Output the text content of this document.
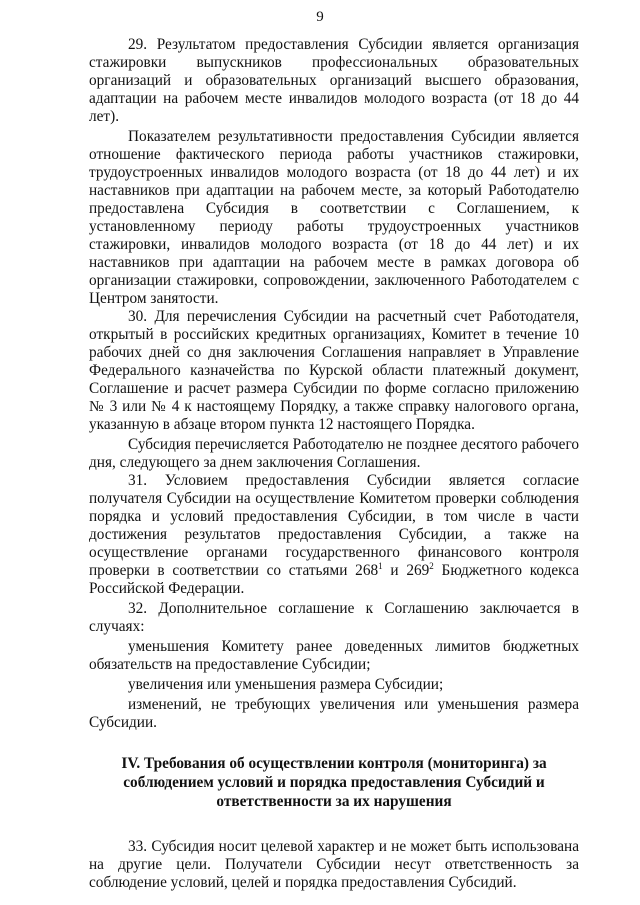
9

29. Результатом предоставления Субсидии является организация стажировки выпускников профессиональных образовательных организаций и образовательных организаций высшего образования, адаптации на рабочем месте инвалидов молодого возраста (от 18 до 44 лет).

Показателем результативности предоставления Субсидии является отношение фактического периода работы участников стажировки, трудоустроенных инвалидов молодого возраста (от 18 до 44 лет) и их наставников при адаптации на рабочем месте, за который Работодателю предоставлена Субсидия в соответствии с Соглашением, к установленному периоду работы трудоустроенных участников стажировки, инвалидов молодого возраста (от 18 до 44 лет) и их наставников при адаптации на рабочем месте в рамках договора об организации стажировки, сопровождении, заключенного Работодателем с Центром занятости.

30. Для перечисления Субсидии на расчетный счет Работодателя, открытый в российских кредитных организациях, Комитет в течение 10 рабочих дней со дня заключения Соглашения направляет в Управление Федерального казначейства по Курской области платежный документ, Соглашение и расчет размера Субсидии по форме согласно приложению № 3 или № 4 к настоящему Порядку, а также справку налогового органа, указанную в абзаце втором пункта 12 настоящего Порядка.

Субсидия перечисляется Работодателю не позднее десятого рабочего дня, следующего за днем заключения Соглашения.

31. Условием предоставления Субсидии является согласие получателя Субсидии на осуществление Комитетом проверки соблюдения порядка и условий предоставления Субсидии, в том числе в части достижения результатов предоставления Субсидии, а также на осуществление органами государственного финансового контроля проверки в соответствии со статьями $268^1$ и $269^2$ Бюджетного кодекса Российской Федерации.

32. Дополнительное соглашение к Соглашению заключается в случаях:

уменьшения Комитету ранее доведенных лимитов бюджетных обязательств на предоставление Субсидии;

увеличения или уменьшения размера Субсидии;

изменений, не требующих увеличения или уменьшения размера Субсидии.

IV. Требования об осуществлении контроля (мониторинга) за
соблюдением условий и порядка предоставления Субсидий и
ответственности за их нарушения

33. Субсидия носит целевой характер и не может быть использована на другие цели. Получатели Субсидии несут ответственность за соблюдение условий, целей и порядка предоставления Субсидий.
